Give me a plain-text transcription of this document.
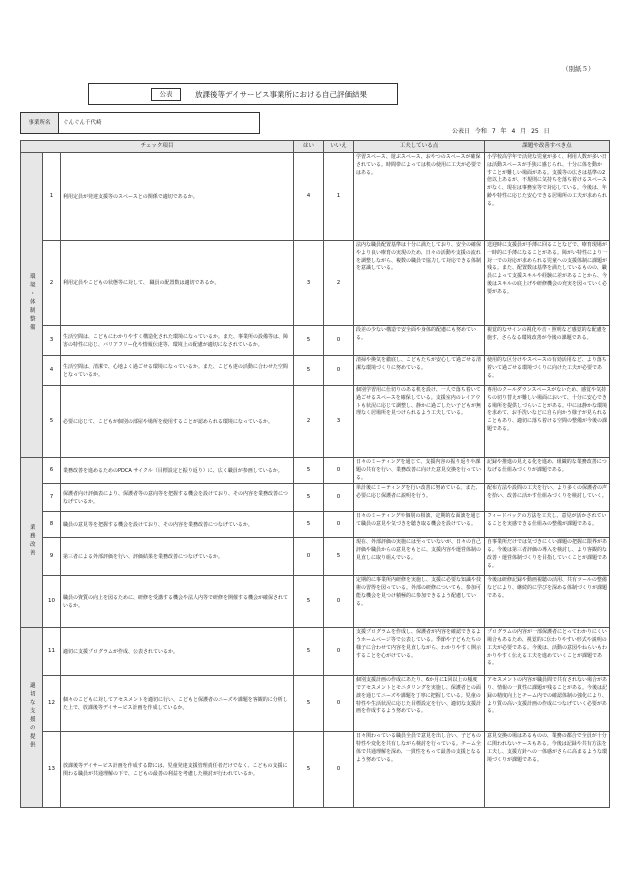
（別紙５）
公表	放課後等デイサービス事業所における自己評価結果
事業所名	ぐんぐん千代崎
公表日 令和 7 年 4 月 25 日
チェック項目			はい	いいえ	工夫している点	課題や改善すべき点
環境・体制整備	1	利用定員が発達支援等のスペースとの関係で適切であるか。	4	1	学習スペース、遊ぶスペース、おやつのスペースが確保されている。時間帯によっては机の使用に工夫が必要ではある。	小学校高学年で活発な児童が多く、利用人数が多い日は活動スペースが手狭に感じられ、十分に体を動かすことが難しい場面がある。支援等の広さは基準の2倍以上あるが、不規則に気持ちを落ち着けるスペースがなく、現在は事務室等で対応している。今後は、年齢や特性に応じた安心できる居場所の工夫が求められる。
	2	利用定員やこどもの状態等に対して、 職員の配置数は適切であるか。	3	2	法内な職員配置基準は十分に満たしており、安全の確保やより良い療育の実現のため、日々の活動や支援の流れを調整しながら、複数の職員で協力して対応できる体制を意識している。	送迎時に支援員が手薄に回ることなどで、療育現場が一時的に手薄になることがある。障がい特性により一対一での対応が求められる児童への支援体制に課題が残る。また、配置数は基準を満たしているものの、職員によって支援スキルや経験に差があることから、今後はスキルの底上げや研修機会の充実を図っていく必要がある。
	3	生活空間は、こどもにわかりやすく構造化された環境になっているか。また、事業所の設備等は、障害の特性に応じ、バリアフリー化や情報伝達等、環境上の配慮が適切になされているか。	5	0	段差の少ない構造で安全面や身体的配慮にも努めている。	視覚的なサインの視化や音・照明など感覚的な配慮を施す、さらなる環境改善が今後の課題である。
	4	生活空間は、清潔で、心地よく過ごせる環境になっているか。また、こども達の活動に合わせた空間となっているか。	5	0	清掃や換気を徹底し、こどもたちが安心して過ごせる清潔な環境づくりに努めている。	使用的な区分けやスペースの有効活用など、より落ち着いて過ごせる環境づくりに向けた工夫が必要である。
	5	必要に応じて、こどもが個別の部屋や場所を使用することが認められる環境になっているか。	2	3	個別学習用に仕切りのある机を設け、一人で落ち着いて過ごせるスペースを確保している。支援室内のレイアウトも状況に応じて調整し、静かに過ごしたい子どもが無理なく居場所を見つけられるよう工夫している。	専用のクールダウンスペースがないため、感覚や気持ちの切り替えが難しい場面において、十分に安心できる場所を提供しづらいことがある。中には静かな環境を求めて、お手洗いなどに自ら向かう様子が見られることもあり、適切に落ち着ける空間の整備が今後の課題である。
業務改善	6	業務改善を進めるためのPDCA サイクル（目標設定と振り返り）に、広く職員が参画しているか。	5	0	日々のミーティングを通じて、支援内容の振り返りや課題の共有を行い、業務改善に向けた意見交換を行っている。	記録や推進の見える化を進め、組織的な業務改善につなげる仕組みづくりが課題である。
	7	保護者向け評価表により、保護者等の意向等を把握する機会を設けており、その内容を業務改善につなげているか。	5	0	単計後にミーティングを行い改善に努めている。また、必要に応じ保護者に説明を行う。	配布方法や設問の工夫を行い、より多くの保護者の声を拾い、改善に活かす仕組みづくりを検討していく。
	8	職員の意見等を把握する機会を設けており、その内容を業務改善につなげているか。	5	0	日々のミーティングや個別の相談、定期的な面談を通じて職員の意見や気づきを聴き取る機会を設けている。	フィードバックの方法を工夫し、意見が活かされていることを実感できる仕組みの整備が課題である。
	9	第三者による外部評価を行い、評価結果を業務改善につなげているか。	0	5	現在、外部評価の実施には至っていないが、日々の自己評価や職員からの意見をもとに、支援内容や運営体制の見直しに取り組んでいる。	自事業所だけでは気づきにくい課題の把握に限界がある。今後は第三者評価の導入を検討し、より客観的な改善・運営体制づくりを目指していくことが課題である。
	10	職員の資質の向上を図るために、研修を受講する機会や法人内等で研修を開催する機会が確保されているか。	5	0	定期的に事業所内研修を実施し、支援に必要な知識や技術の習得を図っている。外部の研修についても、参加可能な機会を見つけ積極的に参加できるよう配慮している。	今後は研修記録や動画視聴の活用、共有ツールの整備などにより、継続的に学びを深める体制づくりが課題である。
適切な支援の提供	11	適切に支援プログラムが作成、公表されているか。	5	0	支援プログラムを作成し、保護者が内容を確認できるようホームページ等で公表している。季節や子どもたちの様子に合わせて内容を見直しながら、わかりやすく開示することを心がけている。	プログラムの内容が一部保護者にとってわかりにくい場合もあるため、視覚的に伝わりやすい形式や説明の工夫が必要である。今後は、活動の意図やねらいもわかりやすく伝える工夫を進めていくことが課題である。
	12	個々のこどもに対してアセスメントを適切に行い、こどもと保護者のニーズや課題を客観的に分析した上で、放課後等デイサービス計画を作成しているか。	5	0	個別支援計画の作成にあたり、6か月に1回以上の頻度でアセスメントとモニタリングを実施し、保護者との面談を通じてニーズや課題を丁寧に把握している。児童の特性や生活状況に応じた目標設定を行い、適切な支援計画を作成するよう努めている。	アセスメントの内容が職員間で共有されない場合があり、情報の一貫性に課題が残ることがある。今後は記録の精度向上とチーム内での確認体制の強化により、より質の高い支援計画の作成につなげていく必要がある。
	13	放課後等デイサービス計画を作成する際には、児童発達支援管理責任者だけでなく、こどもの支援に関わる職員が共通理解の下で、こどもの最善の利益を考慮した検討が行われているか。	5	0	日々関わっている職員全員で意見を出し合い、子どもの特性や変化を共有しながら検討を行っている。チーム全体で共通理解を深め、一貫性をもって最善の支援となるよう努めている。	意見交換の場はあるものの、業務の都合で全員が十分に関われないケースもある。今後は記録や共有方法を工夫し、支援方針への一体感がさらに高まるような環境づくりが課題である。
